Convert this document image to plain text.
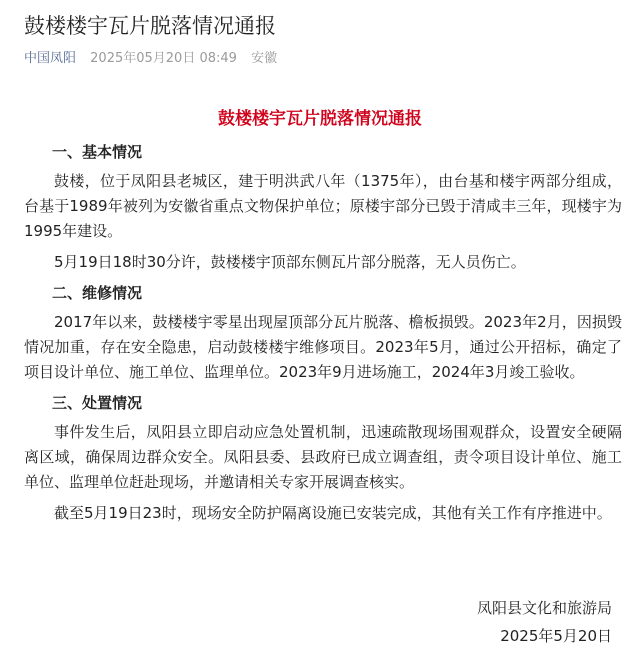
鼓楼楼宇瓦片脱落情况通报
中国凤阳 2025年05月20日 08:49 安徽
鼓楼楼宇瓦片脱落情况通报
一、基本情况

鼓楼，位于凤阳县老城区，建于明洪武八年（1375年），由台基和楼宇两部分组成，台基于1989年被列为安徽省重点文物保护单位；原楼宇部分已毁于清咸丰三年，现楼宇为1995年建设。

5月19日18时30分许，鼓楼楼宇顶部东侧瓦片部分脱落，无人员伤亡。

二、维修情况

2017年以来，鼓楼楼宇零星出现屋顶部分瓦片脱落、檐板损毁。2023年2月，因损毁情况加重，存在安全隐患，启动鼓楼楼宇维修项目。2023年5月，通过公开招标，确定了项目设计单位、施工单位、监理单位。2023年9月进场施工，2024年3月竣工验收。

三、处置情况

事件发生后，凤阳县立即启动应急处置机制，迅速疏散现场围观群众，设置安全硬隔离区域，确保周边群众安全。凤阳县委、县政府已成立调查组，责令项目设计单位、施工单位、监理单位赶赴现场，并邀请相关专家开展调查核实。

截至5月19日23时，现场安全防护隔离设施已安装完成，其他有关工作有序推进中。

凤阳县文化和旅游局
2025年5月20日
